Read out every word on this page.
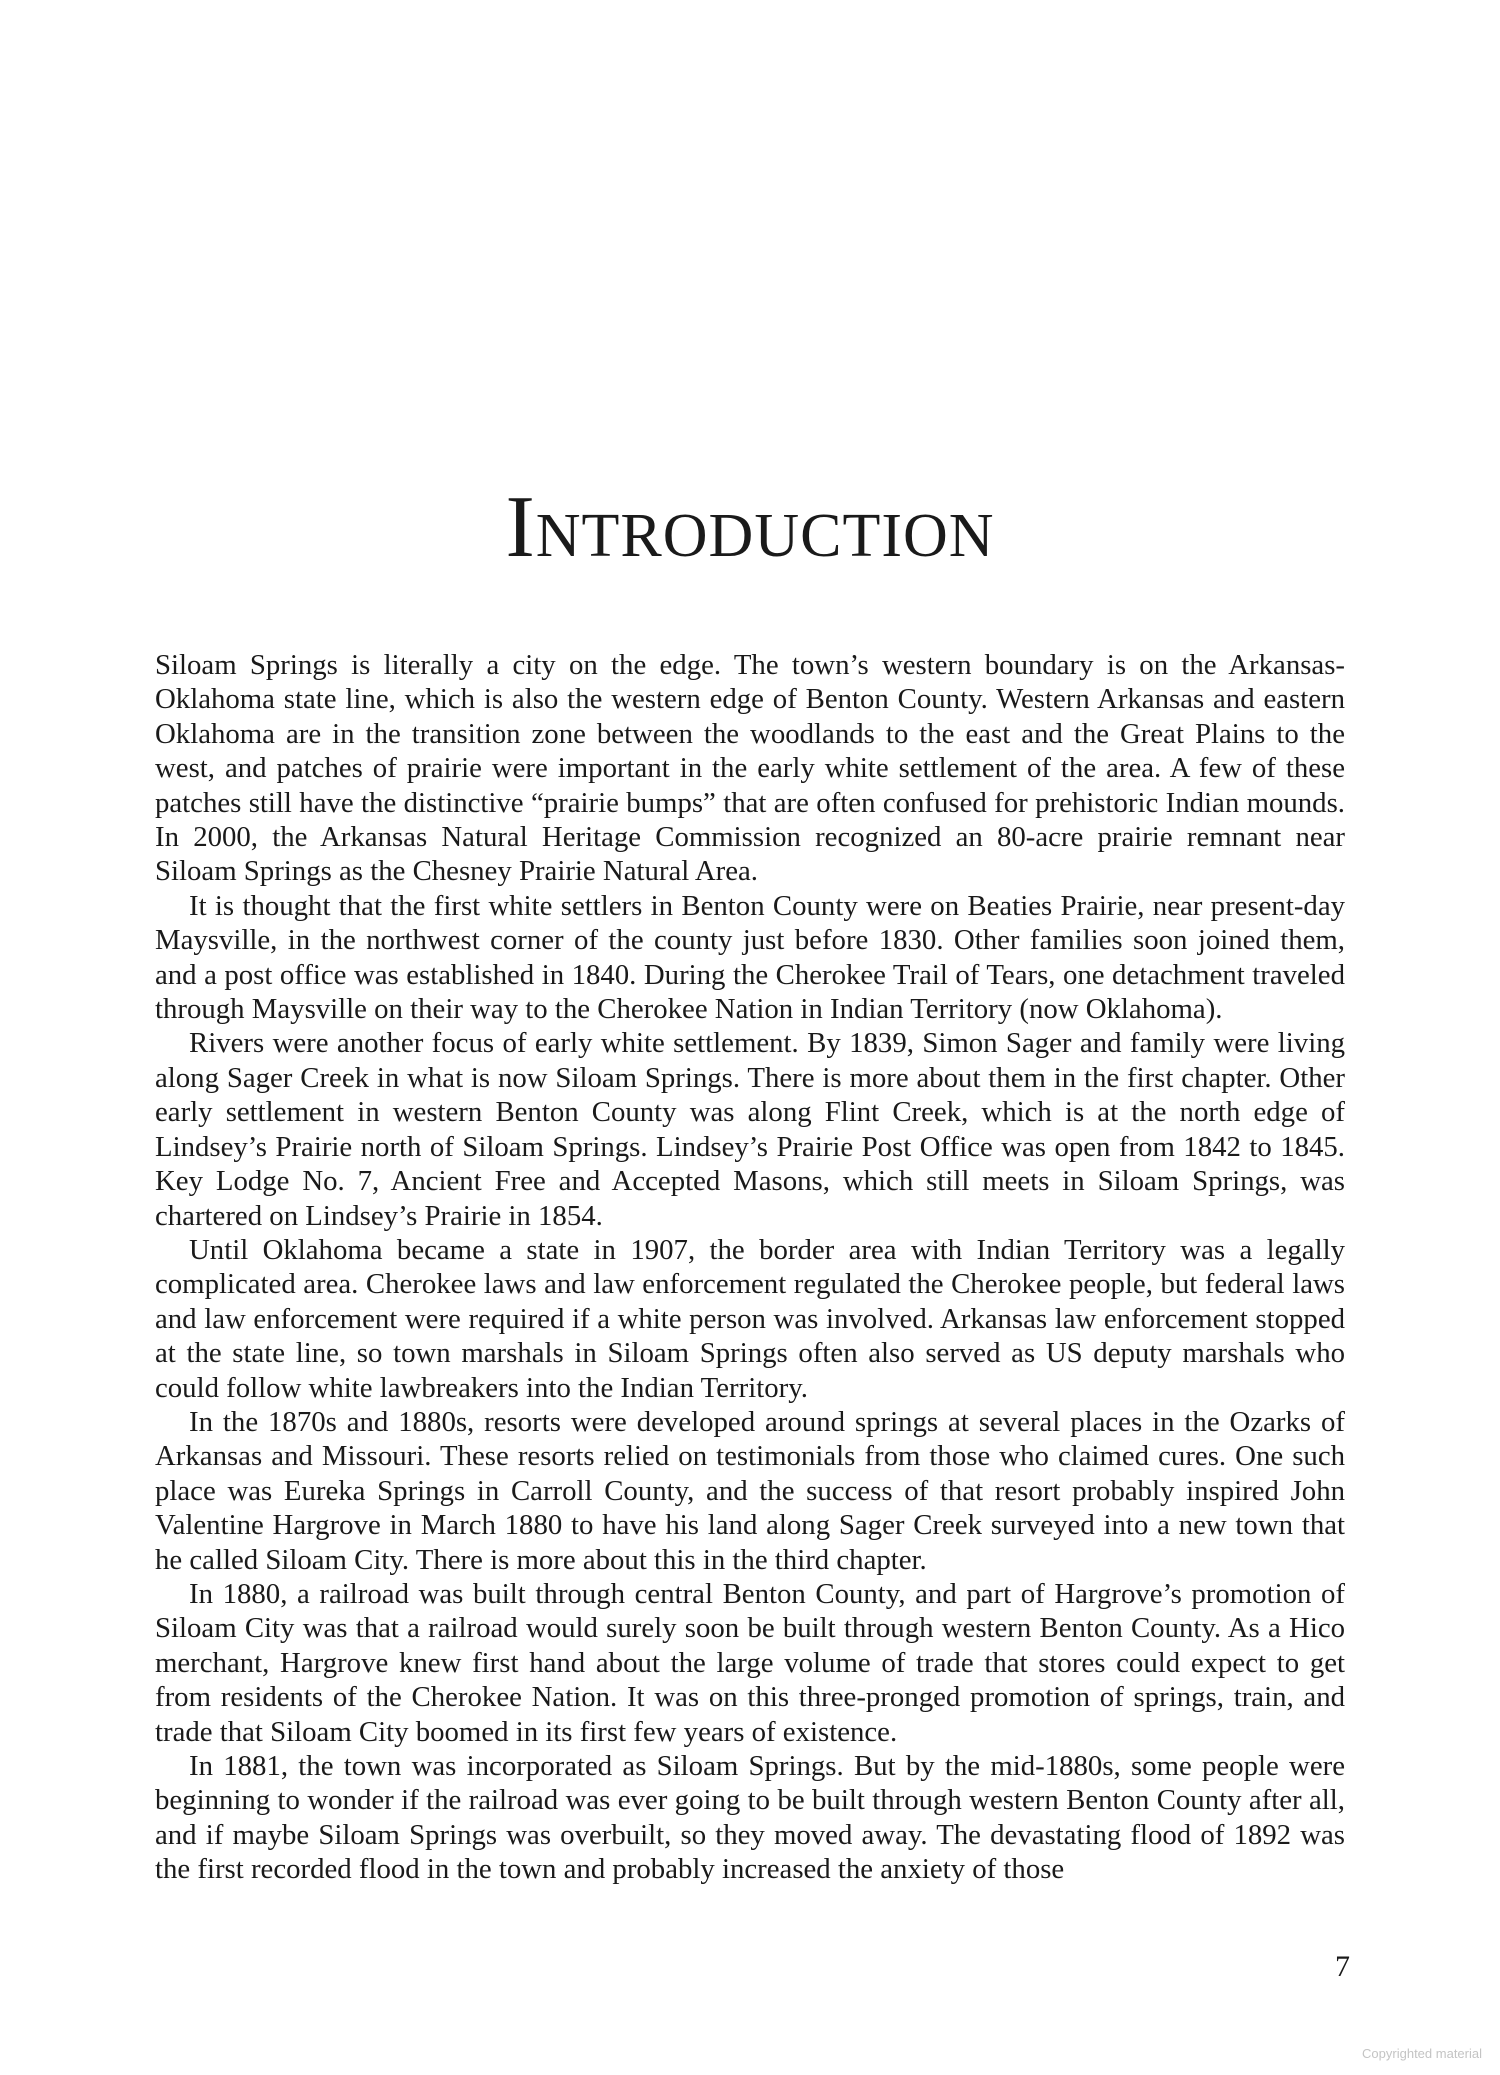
Introduction

Siloam Springs is literally a city on the edge. The town’s western boundary is on the Arkansas-Oklahoma state line, which is also the western edge of Benton County. Western Arkansas and eastern Oklahoma are in the transition zone between the woodlands to the east and the Great Plains to the west, and patches of prairie were important in the early white settlement of the area. A few of these patches still have the distinctive “prairie bumps” that are often confused for prehistoric Indian mounds. In 2000, the Arkansas Natural Heritage Commission recognized an 80-acre prairie remnant near Siloam Springs as the Chesney Prairie Natural Area.

It is thought that the first white settlers in Benton County were on Beaties Prairie, near present-day Maysville, in the northwest corner of the county just before 1830. Other families soon joined them, and a post office was established in 1840. During the Cherokee Trail of Tears, one detachment traveled through Maysville on their way to the Cherokee Nation in Indian Territory (now Oklahoma).

Rivers were another focus of early white settlement. By 1839, Simon Sager and family were living along Sager Creek in what is now Siloam Springs. There is more about them in the first chapter. Other early settlement in western Benton County was along Flint Creek, which is at the north edge of Lindsey’s Prairie north of Siloam Springs. Lindsey’s Prairie Post Office was open from 1842 to 1845. Key Lodge No. 7, Ancient Free and Accepted Masons, which still meets in Siloam Springs, was chartered on Lindsey’s Prairie in 1854.

Until Oklahoma became a state in 1907, the border area with Indian Territory was a legally complicated area. Cherokee laws and law enforcement regulated the Cherokee people, but federal laws and law enforcement were required if a white person was involved. Arkansas law enforcement stopped at the state line, so town marshals in Siloam Springs often also served as US deputy marshals who could follow white lawbreakers into the Indian Territory.

In the 1870s and 1880s, resorts were developed around springs at several places in the Ozarks of Arkansas and Missouri. These resorts relied on testimonials from those who claimed cures. One such place was Eureka Springs in Carroll County, and the success of that resort probably inspired John Valentine Hargrove in March 1880 to have his land along Sager Creek surveyed into a new town that he called Siloam City. There is more about this in the third chapter.

In 1880, a railroad was built through central Benton County, and part of Hargrove’s promotion of Siloam City was that a railroad would surely soon be built through western Benton County. As a Hico merchant, Hargrove knew first hand about the large volume of trade that stores could expect to get from residents of the Cherokee Nation. It was on this three-pronged promotion of springs, train, and trade that Siloam City boomed in its first few years of existence.

In 1881, the town was incorporated as Siloam Springs. But by the mid-1880s, some people were beginning to wonder if the railroad was ever going to be built through western Benton County after all, and if maybe Siloam Springs was overbuilt, so they moved away. The devastating flood of 1892 was the first recorded flood in the town and probably increased the anxiety of those

7
Copyrighted material
